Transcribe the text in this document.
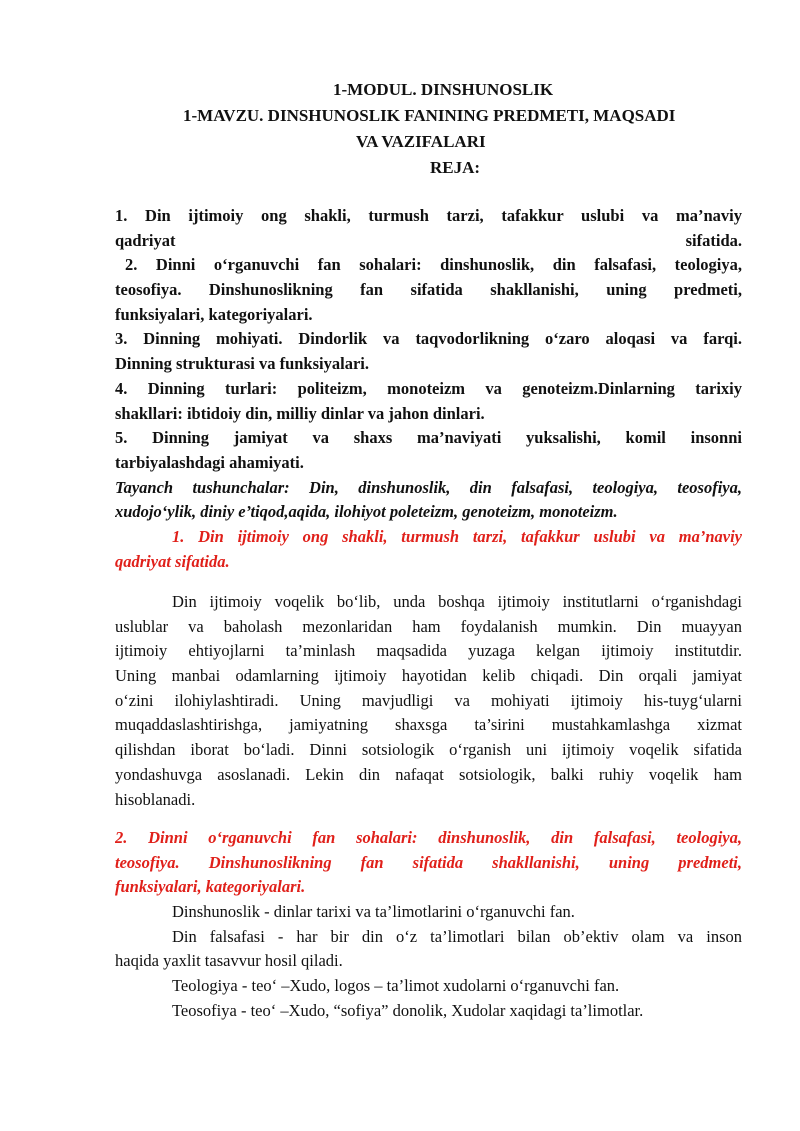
1-MODUL. DINSHUNOSLIK
1-MAVZU. DINSHUNOSLIK FANINING PREDMETI, MAQSADI
VA VAZIFALARI
REJA:
1. Din ijtimoiy ong shakli, turmush tarzi, tafakkur uslubi va ma’naviy
qadriyat	sifatida.
2. Dinni o‘rganuvchi fan sohalari: dinshunoslik, din falsafasi, teologiya,
teosofiya. Dinshunoslikning fan sifatida shakllanishi, uning predmeti,
funksiyalari, kategoriyalari.
3. Dinning mohiyati. Dindorlik va taqvodorlikning o‘zaro aloqasi va farqi.
Dinning strukturasi va funksiyalari.
4. Dinning turlari: politeizm, monoteizm va genoteizm.Dinlarning tarixiy
shakllari: ibtidoiy din, milliy dinlar va jahon dinlari.
5. Dinning jamiyat va shaxs ma’naviyati yuksalishi, komil insonni
tarbiyalashdagi ahamiyati.
Tayanch tushunchalar: Din, dinshunoslik, din falsafasi, teologiya, teosofiya,
xudojo‘ylik, diniy e’tiqod,aqida, ilohiyot poleteizm, genoteizm, monoteizm.
1. Din ijtimoiy ong shakli, turmush tarzi, tafakkur uslubi va ma’naviy
qadriyat sifatida.
Din ijtimoiy voqelik bo‘lib, unda boshqa ijtimoiy institutlarni o‘rganishdagi
uslublar va baholash mezonlaridan ham foydalanish mumkin. Din muayyan
ijtimoiy ehtiyojlarni ta’minlash maqsadida yuzaga kelgan ijtimoiy institutdir.
Uning manbai odamlarning ijtimoiy hayotidan kelib chiqadi. Din orqali jamiyat
o‘zini ilohiylashtiradi. Uning mavjudligi va mohiyati ijtimoiy his-tuyg‘ularni
muqaddaslashtirishga, jamiyatning shaxsga ta’sirini mustahkamlashga xizmat
qilishdan iborat bo‘ladi. Dinni sotsiologik o‘rganish uni ijtimoiy voqelik sifatida
yondashuvga asoslanadi. Lekin din nafaqat sotsiologik, balki ruhiy voqelik ham
hisoblanadi.
2. Dinni o‘rganuvchi fan sohalari: dinshunoslik, din falsafasi, teologiya,
teosofiya. Dinshunoslikning fan sifatida shakllanishi, uning predmeti,
funksiyalari, kategoriyalari.
Dinshunoslik - dinlar tarixi va ta’limotlarini o‘rganuvchi fan.
Din falsafasi - har bir din o‘z ta’limotlari bilan ob’ektiv olam va inson
haqida yaxlit tasavvur hosil qiladi.
Teologiya - teo‘ –Xudo, logos – ta’limot xudolarni o‘rganuvchi fan.
Teosofiya - teo‘ –Xudo, “sofiya” donolik, Xudolar xaqidagi ta’limotlar.
